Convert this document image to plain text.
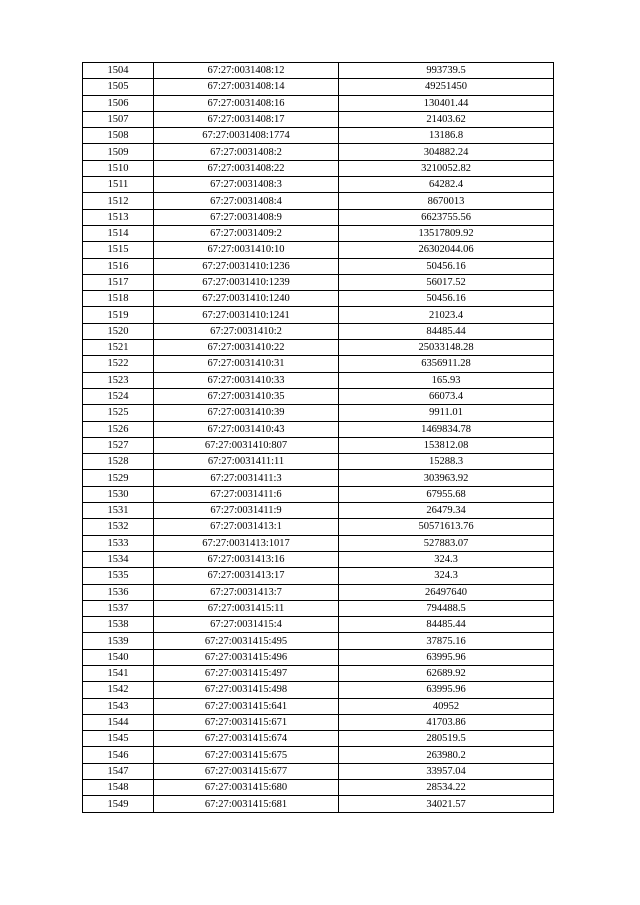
1504	67:27:0031408:12	993739.5
1505	67:27:0031408:14	49251450
1506	67:27:0031408:16	130401.44
1507	67:27:0031408:17	21403.62
1508	67:27:0031408:1774	13186.8
1509	67:27:0031408:2	304882.24
1510	67:27:0031408:22	3210052.82
1511	67:27:0031408:3	64282.4
1512	67:27:0031408:4	8670013
1513	67:27:0031408:9	6623755.56
1514	67:27:0031409:2	13517809.92
1515	67:27:0031410:10	26302044.06
1516	67:27:0031410:1236	50456.16
1517	67:27:0031410:1239	56017.52
1518	67:27:0031410:1240	50456.16
1519	67:27:0031410:1241	21023.4
1520	67:27:0031410:2	84485.44
1521	67:27:0031410:22	25033148.28
1522	67:27:0031410:31	6356911.28
1523	67:27:0031410:33	165.93
1524	67:27:0031410:35	66073.4
1525	67:27:0031410:39	9911.01
1526	67:27:0031410:43	1469834.78
1527	67:27:0031410:807	153812.08
1528	67:27:0031411:11	15288.3
1529	67:27:0031411:3	303963.92
1530	67:27:0031411:6	67955.68
1531	67:27:0031411:9	26479.34
1532	67:27:0031413:1	50571613.76
1533	67:27:0031413:1017	527883.07
1534	67:27:0031413:16	324.3
1535	67:27:0031413:17	324.3
1536	67:27:0031413:7	26497640
1537	67:27:0031415:11	794488.5
1538	67:27:0031415:4	84485.44
1539	67:27:0031415:495	37875.16
1540	67:27:0031415:496	63995.96
1541	67:27:0031415:497	62689.92
1542	67:27:0031415:498	63995.96
1543	67:27:0031415:641	40952
1544	67:27:0031415:671	41703.86
1545	67:27:0031415:674	280519.5
1546	67:27:0031415:675	263980.2
1547	67:27:0031415:677	33957.04
1548	67:27:0031415:680	28534.22
1549	67:27:0031415:681	34021.57
